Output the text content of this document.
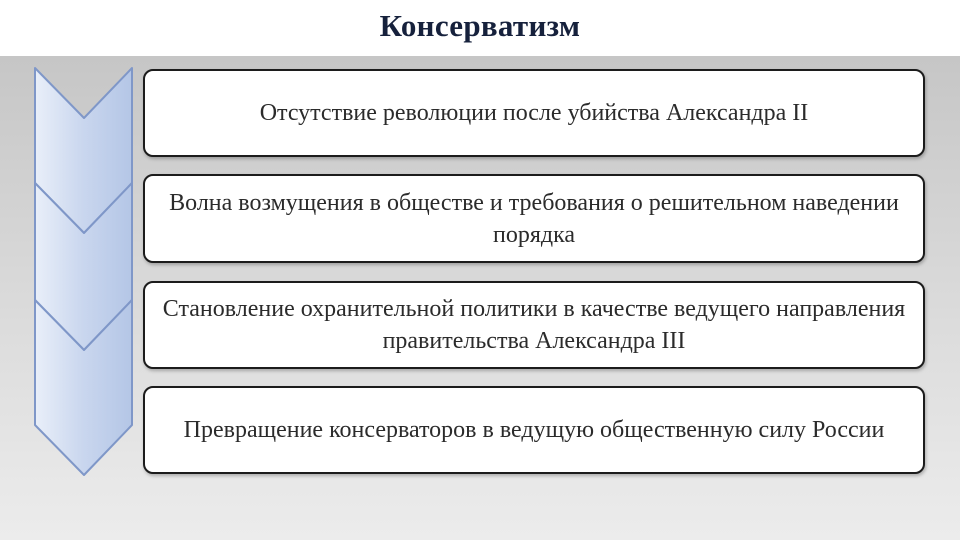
Консерватизм
Отсутствие революции после убийства Александра II
Волна возмущения в обществе и требования о решительном наведении порядка
Становление охранительной политики в качестве ведущего направления правительства Александра III
Превращение консерваторов в ведущую общественную силу России
